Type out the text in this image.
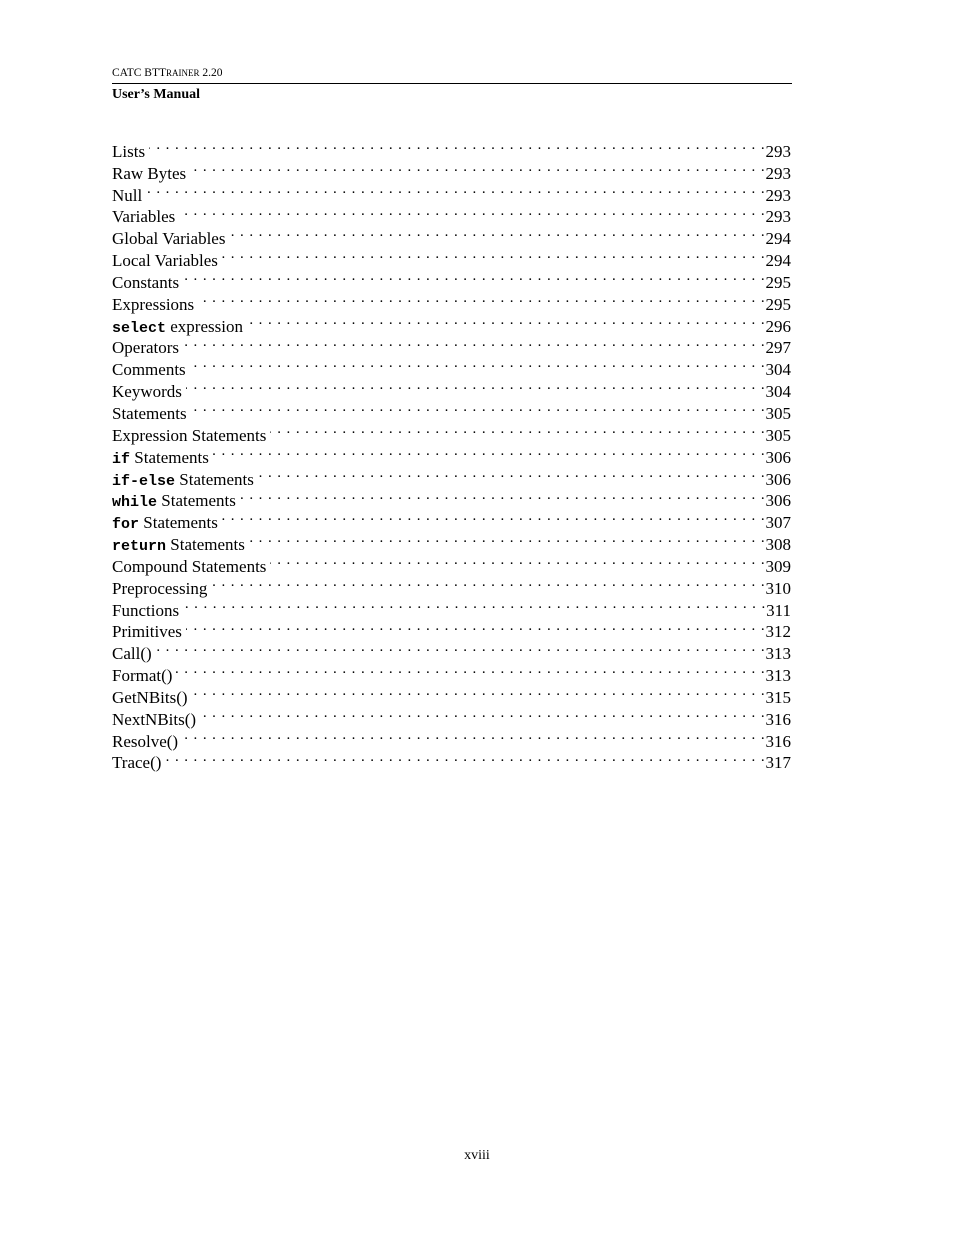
CATC BTTRAINER 2.20
User’s Manual
Lists . . .	293
Raw Bytes . . .	293
Null . . .	293
Variables . . .	293
Global Variables . . .	294
Local Variables . . .	294
Constants . . .	295
Expressions . . .	295
select expression . . .	296
Operators . . .	297
Comments . . .	304
Keywords . . .	304
Statements . . .	305
Expression Statements . . .	305
if Statements . . .	306
if-else Statements . . .	306
while Statements . . .	306
for Statements . . .	307
return Statements . . .	308
Compound Statements . . .	309
Preprocessing . . .	310
Functions . . .	311
Primitives . . .	312
Call() . . .	313
Format() . . .	313
GetNBits() . . .	315
NextNBits() . . .	316
Resolve() . . .	316
Trace() . . .	317
xviii
